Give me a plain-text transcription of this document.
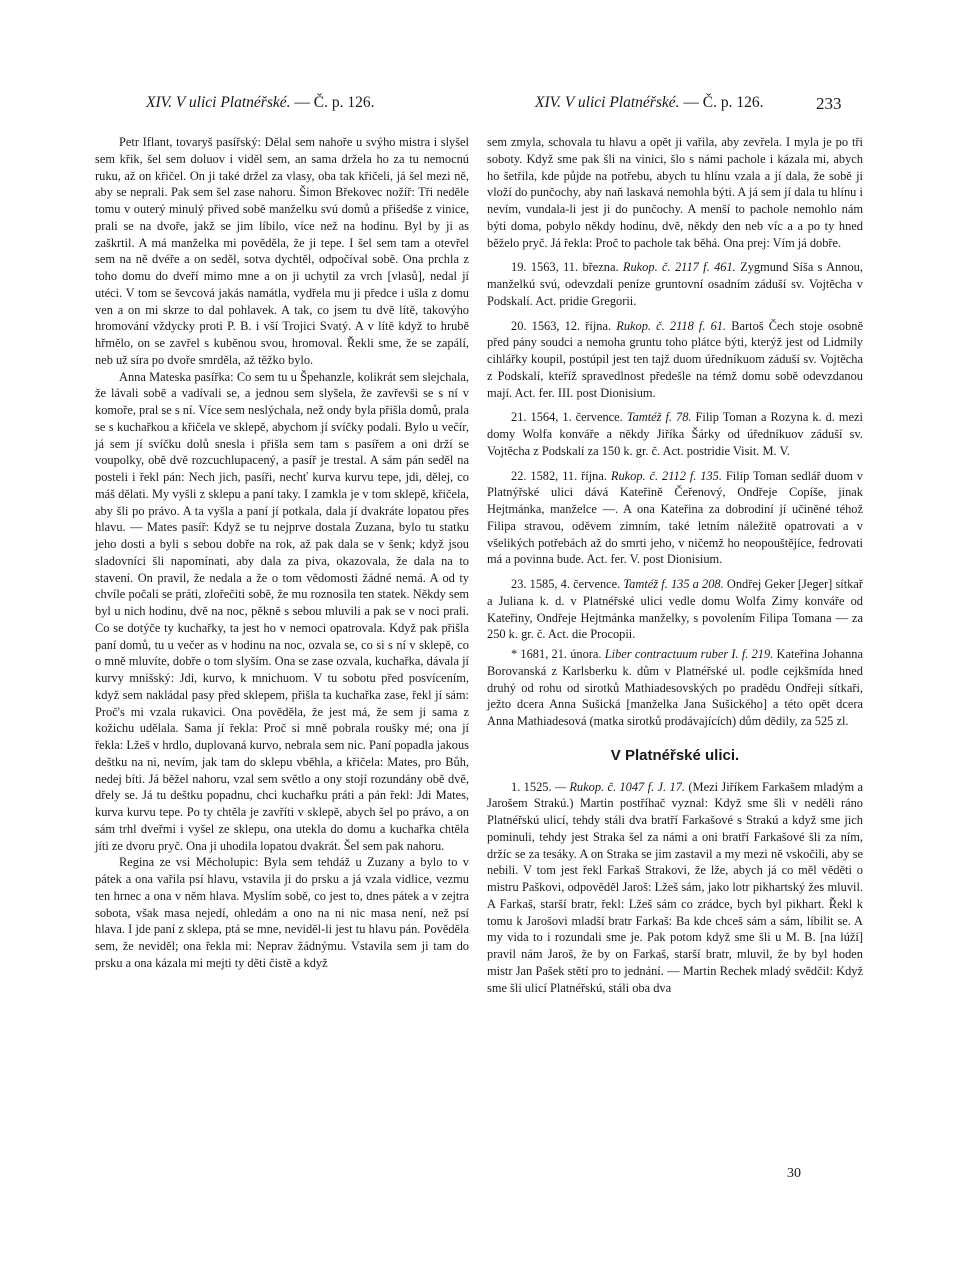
XIV. V ulici Platnéřské. — Č. p. 126.	XIV. V ulici Platnéřské. — Č. p. 126.	233

Petr Iflant, tovaryš pasířský: Dělal sem nahoře u svýho mistra i slyšel sem křik, šel sem doluov i viděl sem, an sama držela ho za tu nemocnú ruku, až on křičel. On ji také držel za vlasy, oba tak křičeli, já šel mezi ně, aby se neprali. Pak sem šel zase nahoru. Šimon Břekovec nožíř: Tři neděle tomu v outerý minulý přived sobě manželku svú domů a přišedše z vinice, prali se na dvoře, jakž se jim líbilo, více než na hodinu. Byl by ji as zaškrtil. A má manželka mi pověděla, že ji tepe. I šel sem tam a otevřel sem na ně dvéře a on seděl, sotva dychtěl, odpočíval sobě. Ona prchla z toho domu do dveří mimo mne a on ji uchytil za vrch [vlasů], nedal jí utéci. V tom se ševcová jakás namátla, vydřela mu ji předce i ušla z domu ven a on mi skrze to dal pohlavek. A tak, co jsem tu dvě lítě, takovýho hromování vždycky proti P. B. i vší Trojici Svatý. A v lítě když to hrubě hřmělo, on se zavřel s kuběnou svou, hromoval. Řekli sme, že se zapálí, neb už síra po dvoře smrděla, až těžko bylo.

Anna Mateska pasířka: Co sem tu u Špehanzle, kolikrát sem slejchala, že lávali sobě a vadívali se, a jednou sem slyšela, že zavřevši se s ní v komoře, pral se s ní. Více sem neslýchala, než ondy byla přišla domů, prala se s kuchařkou a křičela ve sklepě, abychom jí svíčky podali. Bylo u večír, já sem jí svíčku dolů snesla i přišla sem tam s pasířem a oni drží se voupolky, obě dvě rozcuchlupacený, a pasíř je trestal. A sám pán seděl na posteli i řekl pán: Nech jich, pasíři, nechť kurva kurvu tepe, jdi, dělej, co máš dělati. My vyšli z sklepu a paní taky. I zamkla je v tom sklepě, křičela, aby šli po právo. A ta vyšla a paní jí potkala, dala jí dvakráte lopatou přes hlavu. — Mates pasíř: Když se tu nejprve dostala Zuzana, bylo tu statku jeho dosti a byli s sebou dobře na rok, až pak dala se v šenk; když jsou sladovníci šli napomínati, aby dala za piva, okazovala, že dala na to stavení. On pravil, že nedala a že o tom vědomosti žádné nemá. A od ty chvíle počali se práti, zlořečiti sobě, že mu roznosila ten statek. Někdy sem byl u nich hodinu, dvě na noc, pěkně s sebou mluvili a pak se v noci prali. Co se dotýče ty kuchařky, ta jest ho v nemoci opatrovala. Když pak přišla paní domů, tu u večer as v hodinu na noc, ozvala se, co si s ní v sklepě, co o mně mluvíte, dobře o tom slyším. Ona se zase ozvala, kuchařka, dávala jí kurvy mnišský: Jdi, kurvo, k mnichuom. V tu sobotu před posvícením, když sem nakládal pasy před sklepem, přišla ta kuchařka zase, řekl jí sám: Proč's mi vzala rukavici. Ona pověděla, že jest má, že sem ji sama z kožichu udělala. Sama jí řekla: Proč si mně pobrala roušky mé; ona jí řekla: Lžeš v hrdlo, duplovaná kurvo, nebrala sem nic. Paní popadla jakous deštku na ni, nevím, jak tam do sklepu vběhla, a křičela: Mates, pro Bůh, nedej bíti. Já běžel nahoru, vzal sem světlo a ony stojí rozundány obě dvě, dřely se. Já tu deštku popadnu, chci kuchařku práti a pán řekl: Jdi Mates, kurva kurvu tepe. Po ty chtěla je zavříti v sklepě, abych šel po právo, a on sám trhl dveřmi i vyšel ze sklepu, ona utekla do domu a kuchařka chtěla jíti ze dvoru pryč. Ona ji uhodila lopatou dvakrát. Šel sem pak nahoru.

Regina ze vsi Měcholupic: Byla sem tehdáž u Zuzany a bylo to v pátek a ona vařila psí hlavu, vstavila ji do prsku a já vzala vidlice, vezmu ten hrnec a ona v něm hlava. Myslím sobě, co jest to, dnes pátek a v zejtra sobota, však masa nejedí, ohledám a ono na ni nic masa není, než psí hlava. I jde paní z sklepa, ptá se mne, neviděl-li jest tu hlavu pán. Pověděla sem, že neviděl; ona řekla mi: Neprav žádnýmu. Vstavila sem ji tam do prsku a ona kázala mi mejti ty děti čistě a když

sem zmyla, schovala tu hlavu a opět ji vařila, aby zevřela. I myla je po tři soboty. Když sme pak šli na vinici, šlo s námi pachole i kázala mi, abych ho šetřila, kde půjde na potřebu, abych tu hlínu vzala a jí dala, že sobě ji vloží do punčochy, aby naň laskavá nemohla býti. A já sem jí dala tu hlínu i nevím, vundala-li jest ji do punčochy. A menší to pachole nemohlo nám býti doma, pobylo někdy hodinu, dvě, někdy den neb víc a a po ty hned běželo pryč. Já řekla: Proč to pachole tak běhá. Ona prej: Vím já dobře.

19. 1563, 11. března. Rukop. č. 2117 f. 461. Zygmund Síša s Annou, manželkú svú, odevzdali peníze gruntovní osadním záduší sv. Vojtěcha v Podskalí. Act. pridie Gregorii.

20. 1563, 12. října. Rukop. č. 2118 f. 61. Bartoš Čech stoje osobně před pány soudci a nemoha gruntu toho plátce býti, kterýž jest od Lidmily cihlářky koupil, postúpil jest ten tajž duom úředníkuom záduší sv. Vojtěcha z Podskalí, kteříž spravedlnost předešle na témž domu sobě odevzdanou mají. Act. fer. III. post Dionisium.

21. 1564, 1. července. Tamtéž f. 78. Filip Toman a Rozyna k. d. mezi domy Wolfa konváře a někdy Jiříka Šárky od úředníkuov záduší sv. Vojtěcha z Podskalí za 150 k. gr. č. Act. postridie Visit. M. V.

22. 1582, 11. října. Rukop. č. 2112 f. 135. Filip Toman sedlář duom v Platnýřské ulici dává Kateřině Čeřenový, Ondřeje Copíše, jinak Hejtmánka, manželce —. A ona Kateřina za dobrodiní jí učiněné téhož Filipa stravou, oděvem zimním, také letním náležitě opatrovati a v všelikých potřebách až do smrti jeho, v ničemž ho neopouštějíce, fedrovati má a povinna bude. Act. fer. V. post Dionisium.

23. 1585, 4. července. Tamtéž f. 135 a 208. Ondřej Geker [Jeger] sítkař a Juliana k. d. v Platnéřské ulici vedle domu Wolfa Zimy konváře od Kateřiny, Ondřeje Hejtmánka manželky, s povolením Filipa Tomana — za 250 k. gr. č. Act. die Procopii.

* 1681, 21. února. Liber contractuum ruber I. f. 219. Kateřina Johanna Borovanská z Karlsberku k. dům v Platnéřské ul. podle cejkšmída hned druhý od rohu od sirotků Mathiadesovských po pradědu Ondřeji sítkaři, ježto dcera Anna Sušická [manželka Jana Sušického] a této opět dcera Anna Mathiadesová (matka sirotků prodávajících) dům dědily, za 525 zl.

V Platnéřské ulici.

1. 1525. — Rukop. č. 1047 f. J. 17. (Mezi Jiříkem Farkašem mladým a Jarošem Strakú.) Martin postříhač vyznal: Když sme šli v neděli ráno Platnéřskú ulicí, tehdy stáli dva bratří Farkašové s Strakú a když sme jich pominuli, tehdy jest Straka šel za námi a oni bratří Farkašové šli za ním, držíc se za tesáky. A on Straka se jim zastavil a my mezi ně vskočili, aby se nebili. V tom jest řekl Farkaš Strakovi, že lže, abych já co měl věděti o mistru Paškovi, odpověděl Jaroš: Lžeš sám, jako lotr pikhartský žes mluvil. A Farkaš, starší bratr, řekl: Lžeš sám co zrádce, bych byl pikhart. Řekl k tomu k Jarošovi mladší bratr Farkaš: Ba kde chceš sám a sám, líbilit se. A my vida to i rozundali sme je. Pak potom když sme šli u M. B. [na lúží] pravil nám Jaroš, že by on Farkaš, starší bratr, mluvil, že by byl hoden mistr Jan Pašek stětí pro to jednání. — Martin Rechek mladý svědčil: Když sme šli ulicí Platnéřskú, stáli oba dva

30
